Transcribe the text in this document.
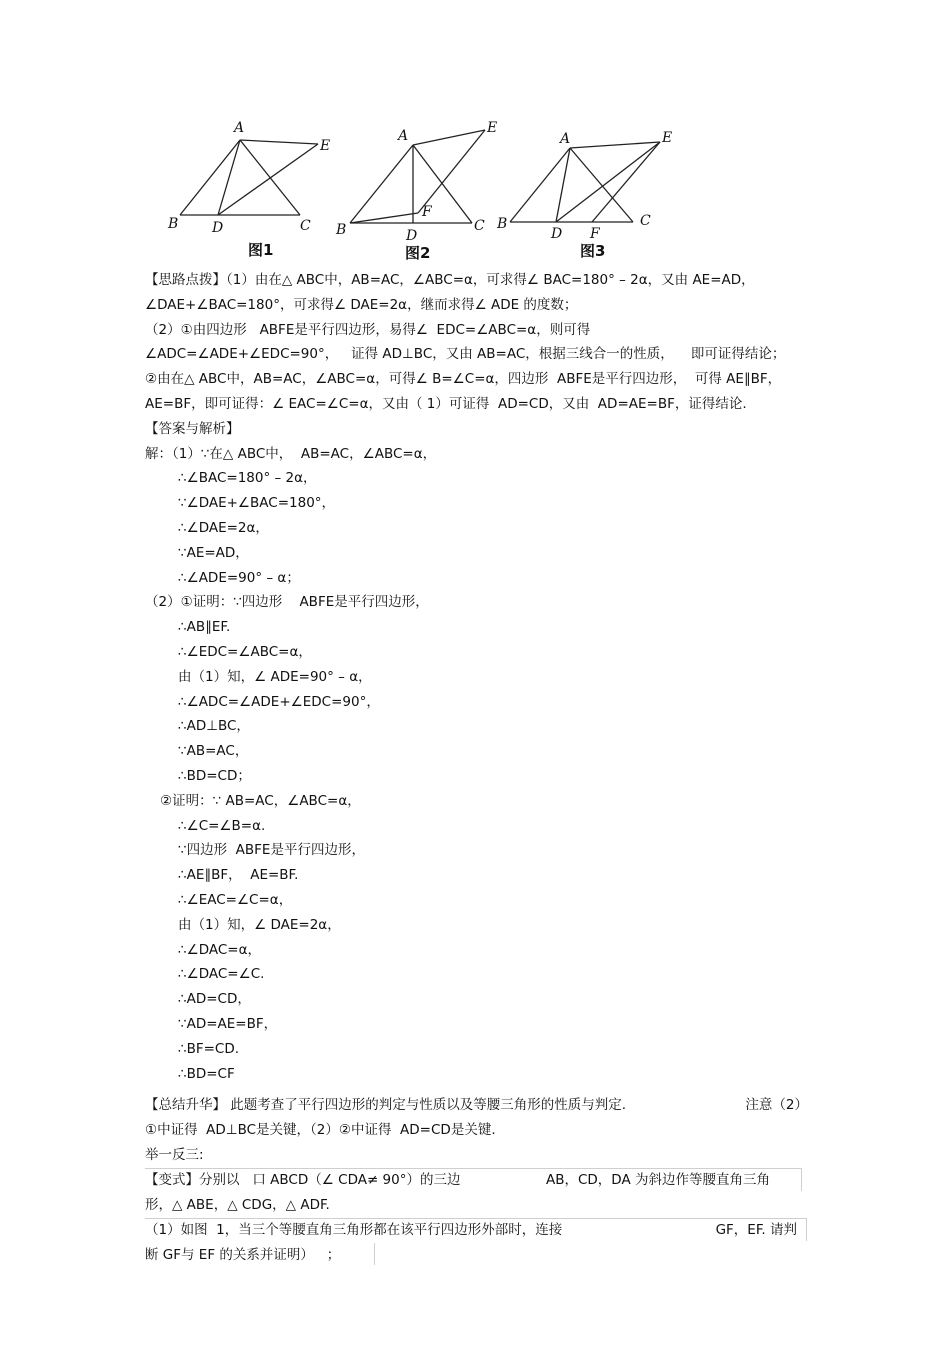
A
B	C
D
E
图1
A
B	C
D
E
F
图2
A
B	C
D
E
F
图3
【思路点拨】（1）由在△ ABC中，AB=AC，∠ABC=α，可求得∠ BAC=180° – 2α，又由 AE=AD，
∠DAE+∠BAC=180°，可求得∠ DAE=2α，继而求得∠ ADE 的度数；
（2）①由四边形   ABFE是平行四边形，易得∠  EDC=∠ABC=α，则可得
∠ADC=∠ADE+∠EDC=90°，   证得 AD⊥BC，又由 AB=AC，根据三线合一的性质，    即可证得结论；
②由在△ ABC中，AB=AC，∠ABC=α，可得∠ B=∠C=α，四边形  ABFE是平行四边形，  可得 AE∥BF，
AE=BF，即可证得：∠ EAC=∠C=α，又由（ 1）可证得  AD=CD，又由  AD=AE=BF，证得结论.
【答案与解析】
解：（1）∵在△ ABC中，  AB=AC，∠ABC=α，
∴∠BAC=180° – 2α，
∵∠DAE+∠BAC=180°，
∴∠DAE=2α，
∵AE=AD，
∴∠ADE=90° – α；
（2）①证明：∵四边形    ABFE是平行四边形，
∴AB∥EF.
∴∠EDC=∠ABC=α，
由（1）知，∠ ADE=90° – α，
∴∠ADC=∠ADE+∠EDC=90°，
∴AD⊥BC，
∵AB=AC，
∴BD=CD；
②证明：∵ AB=AC，∠ABC=α，
∴∠C=∠B=α.
∵四边形  ABFE是平行四边形，
∴AE∥BF，  AE=BF.
∴∠EAC=∠C=α，
由（1）知，∠ DAE=2α，
∴∠DAC=α，
∴∠DAC=∠C.
∴AD=CD，
∵AD=AE=BF，
∴BF=CD.
∴BD=CF
【总结升华】 此题考查了平行四边形的判定与性质以及等腰三角形的性质与判定.	注意（2）
①中证得  AD⊥BC是关键，（2）②中证得  AD=CD是关键.
举一反三:
【变式】分别以   口 ABCD（∠ CDA≠ 90°）的三边	AB，CD，DA 为斜边作等腰直角三角
形，△ ABE，△ CDG，△ ADF.
（1）如图  1，当三个等腰直角三角形都在该平行四边形外部时，连接	GF，EF. 请判
断 GF与 EF 的关系并证明）   ；
